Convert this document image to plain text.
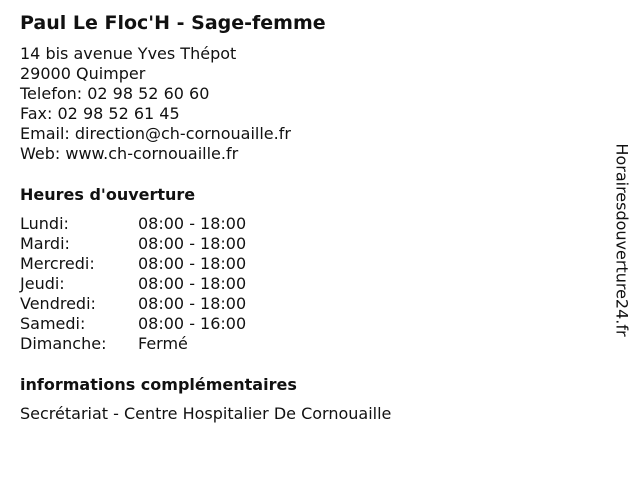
Paul Le Floc'H - Sage-femme

14 bis avenue Yves Thépot

29000 Quimper

Telefon: 02 98 52 60 60

Fax: 02 98 52 61 45

Email: direction@ch-cornouaille.fr

Web: www.ch-cornouaille.fr

Heures d'ouverture
Lundi:	08:00 - 18:00
Mardi:	08:00 - 18:00
Mercredi:	08:00 - 18:00
Jeudi:	08:00 - 18:00
Vendredi:	08:00 - 18:00
Samedi:	08:00 - 16:00
Dimanche:	Fermé
informations complémentaires

Secrétariat - Centre Hospitalier De Cornouaille

Horairesdouverture24.fr
